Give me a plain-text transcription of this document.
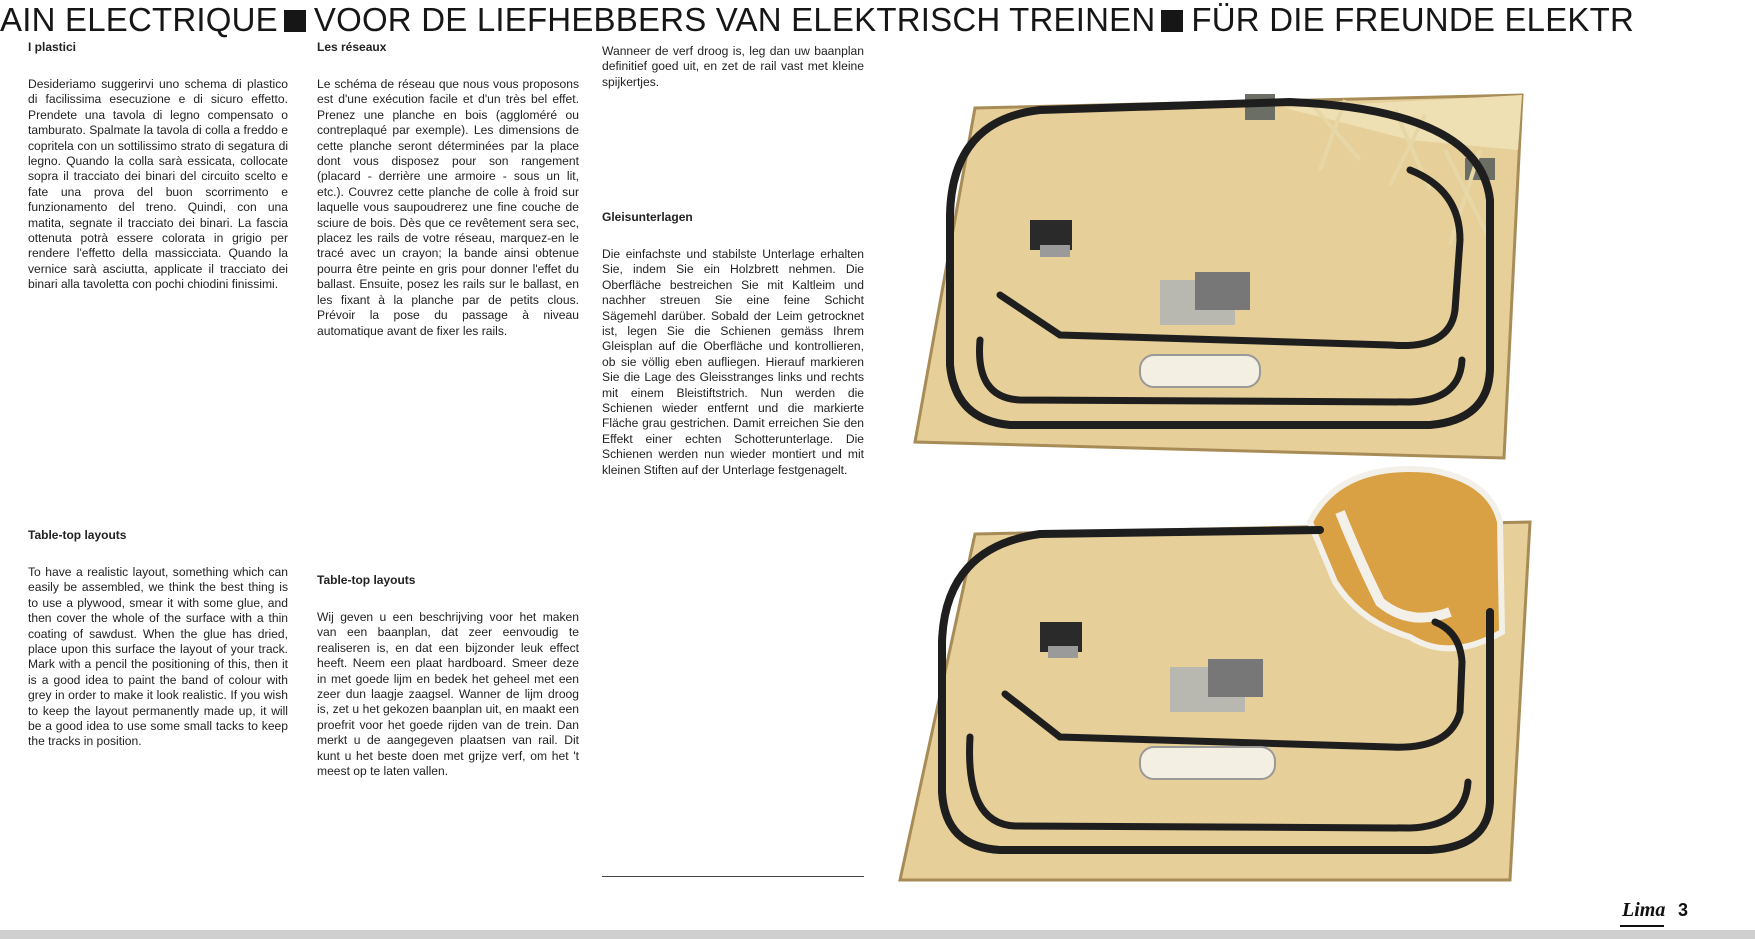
AIN ELECTRIQUE VOOR DE LIEFHEBBERS VAN ELEKTRISCH TREINEN FÜR DIE FREUNDE ELEKTR
I plastici

Desideriamo suggerirvi uno schema di plastico di facilissima esecuzione e di sicuro effetto. Prendete una tavola di legno compensato o tamburato. Spalmate la tavola di colla a freddo e copritela con un sottilissimo strato di segatura di legno. Quando la colla sarà essicata, collocate sopra il tracciato dei binari del circuito scelto e fate una prova del buon scorrimento e funzionamento del treno. Quindi, con una matita, segnate il tracciato dei binari. La fascia ottenuta potrà essere colorata in grigio per rendere l'effetto della massicciata. Quando la vernice sarà asciutta, applicate il tracciato dei binari alla tavoletta con pochi chiodini finissimi.

Table-top layouts

To have a realistic layout, something which can easily be assembled, we think the best thing is to use a plywood, smear it with some glue, and then cover the whole of the surface with a thin coating of sawdust. When the glue has dried, place upon this surface the layout of your track. Mark with a pencil the positioning of this, then it is a good idea to paint the band of colour with grey in order to make it look realistic. If you wish to keep the layout permanently made up, it will be a good idea to use some small tacks to keep the tracks in position.

Les réseaux

Le schéma de réseau que nous vous proposons est d'une exécution facile et d'un très bel effet. Prenez une planche en bois (aggloméré ou contreplaqué par exemple). Les dimensions de cette planche seront déterminées par la place dont vous disposez pour son rangement (placard - derrière une armoire - sous un lit, etc.). Couvrez cette planche de colle à froid sur laquelle vous saupoudrerez une fine couche de sciure de bois. Dès que ce revêtement sera sec, placez les rails de votre réseau, marquez-en le tracé avec un crayon; la bande ainsi obtenue pourra être peinte en gris pour donner l'effet du ballast. Ensuite, posez les rails sur le ballast, en les fixant à la planche par de petits clous. Prévoir la pose du passage à niveau automatique avant de fixer les rails.

Table-top layouts

Wij geven u een beschrijving voor het maken van een baanplan, dat zeer eenvoudig te realiseren is, en dat een bijzonder leuk effect heeft. Neem een plaat hardboard. Smeer deze in met goede lijm en bedek het geheel met een zeer dun laagje zaagsel. Wanner de lijm droog is, zet u het gekozen baanplan uit, en maakt een proefrit voor het goede rijden van de trein. Dan merkt u de aangegeven plaatsen van rail. Dit kunt u het beste doen met grijze verf, om het 't meest op te laten vallen.

Wanneer de verf droog is, leg dan uw baanplan definitief goed uit, en zet de rail vast met kleine spijkertjes.

Gleisunterlagen

Die einfachste und stabilste Unterlage erhalten Sie, indem Sie ein Holzbrett nehmen. Die Oberfläche bestreichen Sie mit Kaltleim und nachher streuen Sie eine feine Schicht Sägemehl darüber. Sobald der Leim getrocknet ist, legen Sie die Schienen gemäss Ihrem Gleisplan auf die Oberfläche und kontrollieren, ob sie völlig eben aufliegen. Hierauf markieren Sie die Lage des Gleisstranges links und rechts mit einem Bleistiftstrich. Nun werden die Schienen wieder entfernt und die markierte Fläche grau gestrichen. Damit erreichen Sie den Effekt einer echten Schotterunterlage. Die Schienen werden nun wieder montiert und mit kleinen Stiften auf der Unterlage festgenagelt.

Lima 3
